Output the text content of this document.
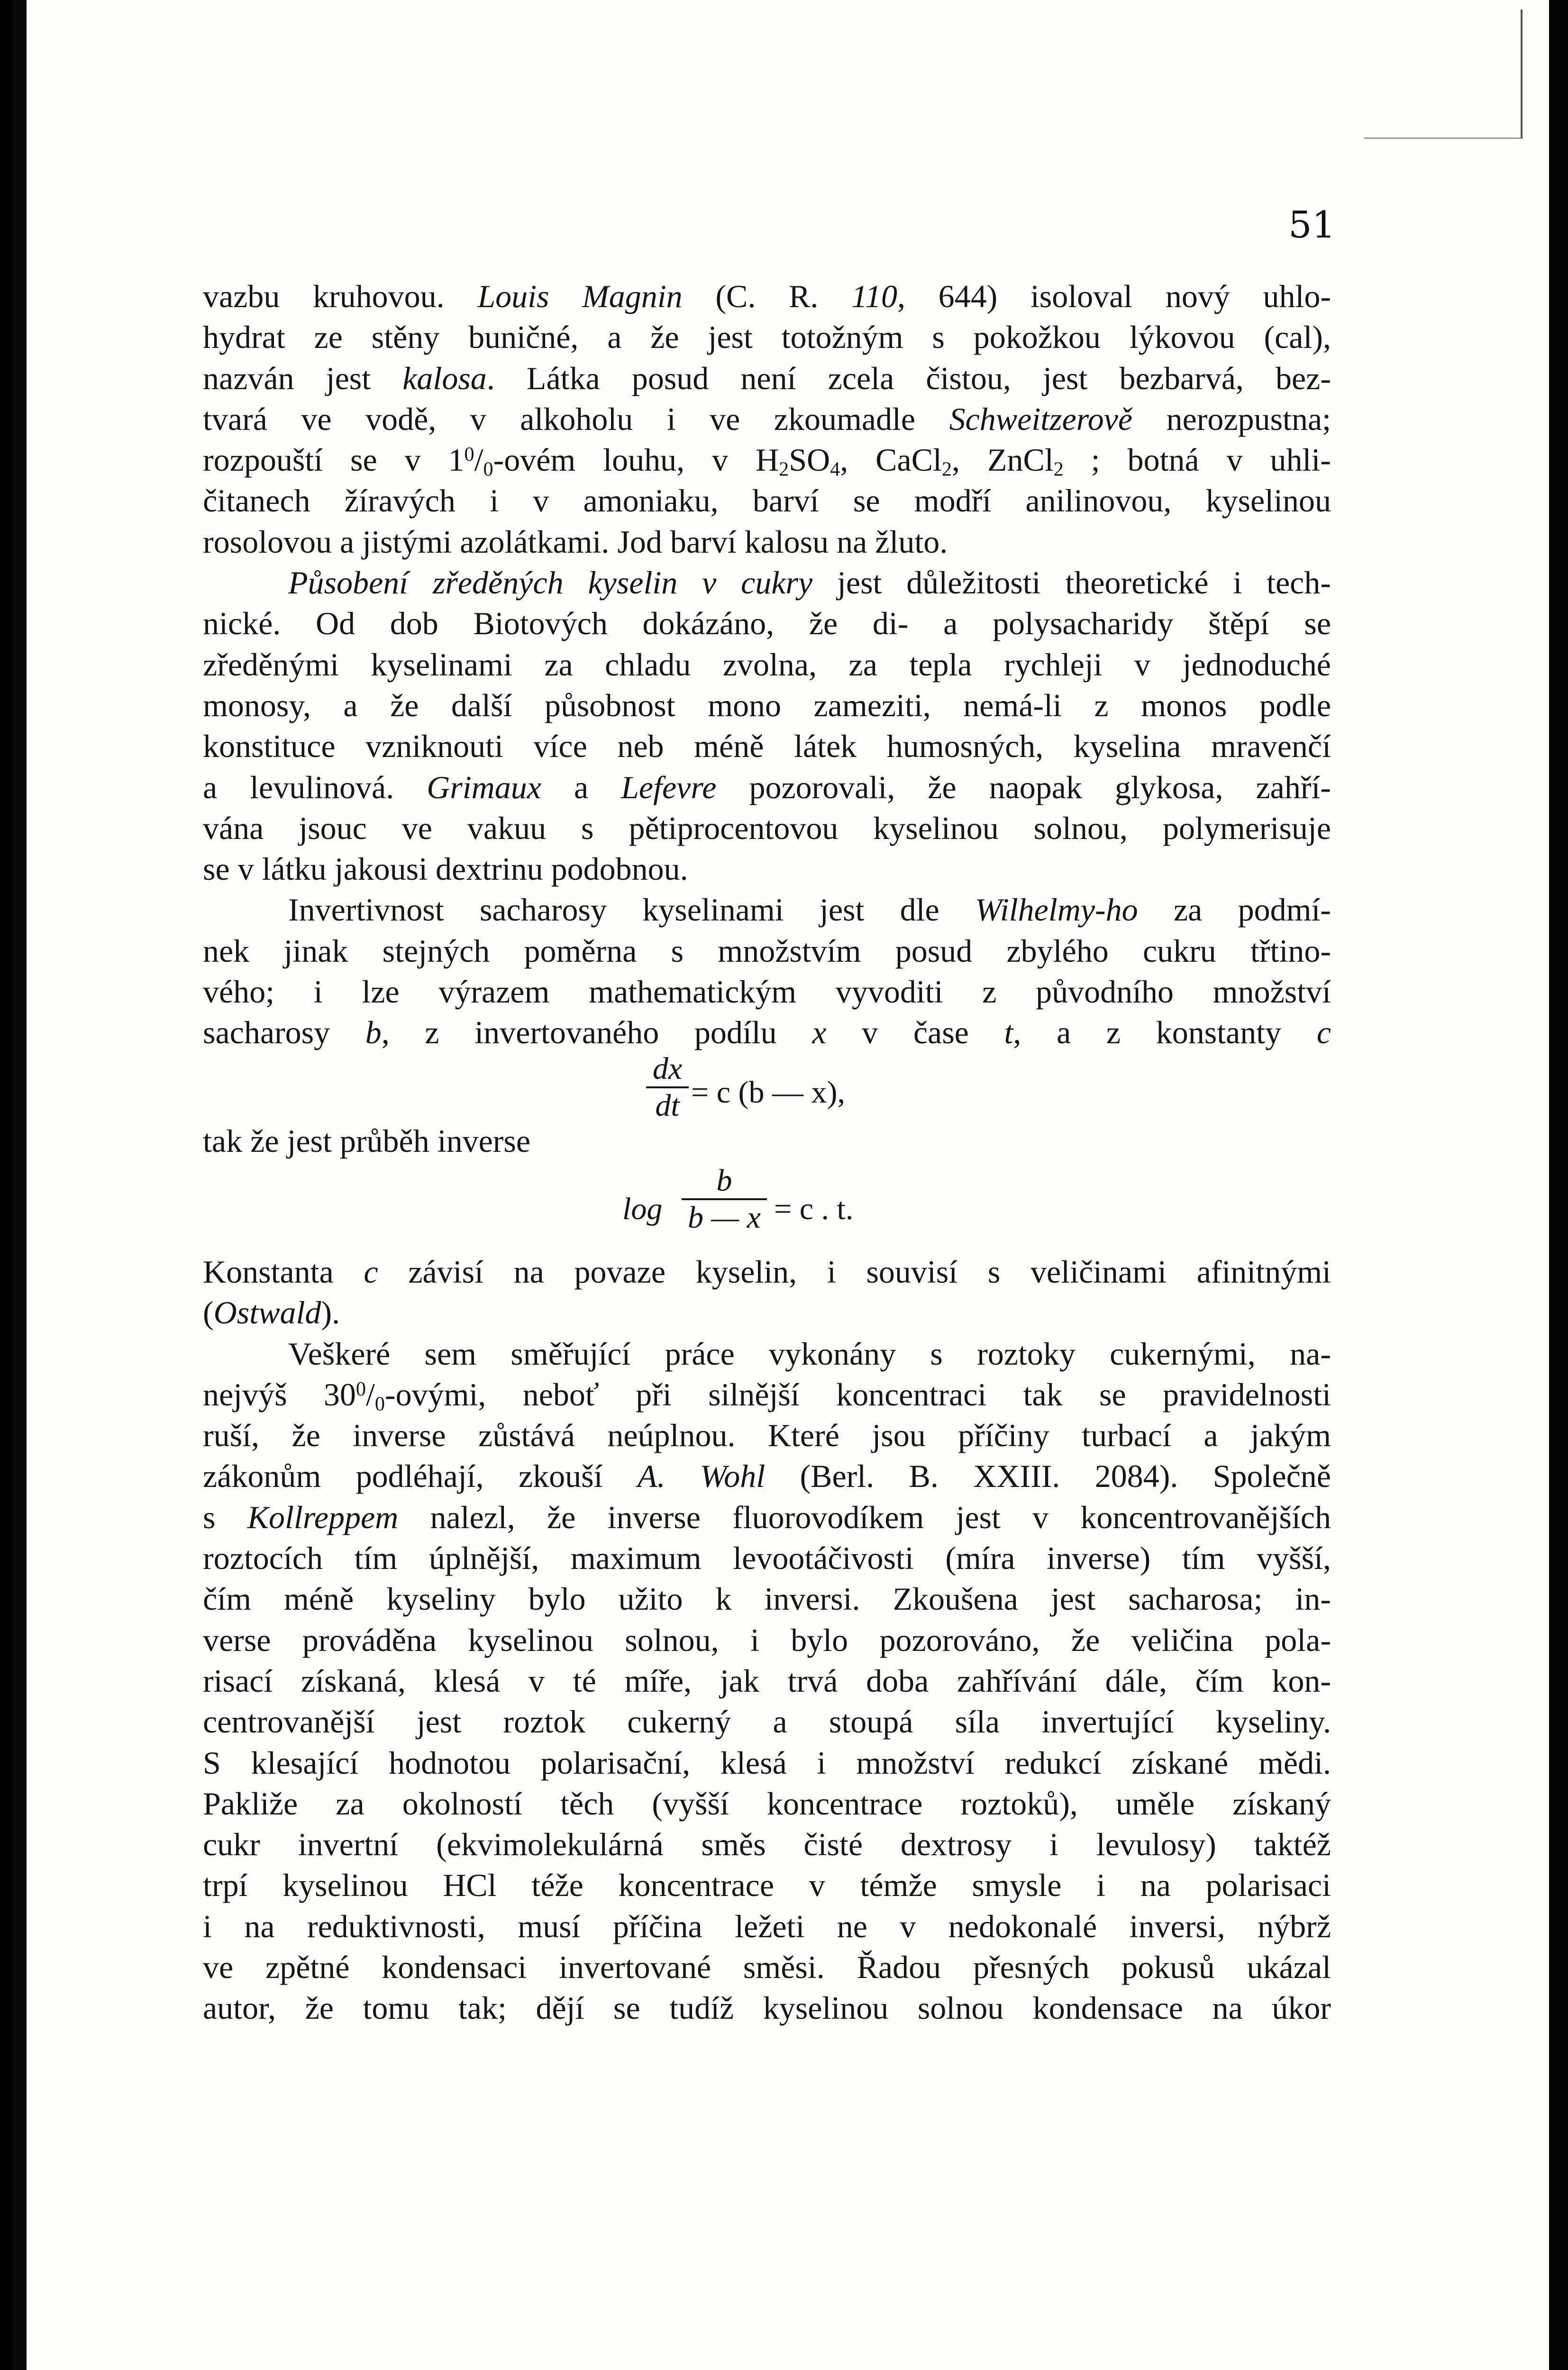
51

vazbu kruhovou. Louis Magnin (C. R. 110, 644) isoloval nový uhlo-

hydrat ze stěny buničné, a že jest totožným s pokožkou lýkovou (cal),

nazván jest kalosa. Látka posud není zcela čistou, jest bezbarvá, bez-

tvará ve vodě, v alkoholu i ve zkoumadle Schweitzerově nerozpustna;

rozpouští se v $1^0/_0$-ovém louhu, v $H_2SO_4$, CaCl$_2$, ZnCl$_2$ ; botná v uhli-

čitanech žíravých i v amoniaku, barví se modří anilinovou, kyselinou

rosolovou a jistými azolátkami. Jod barví kalosu na žluto.

Působení zředěných kyselin v cukry jest důležitosti theoretické i tech-

nické. Od dob Biotových dokázáno, že di- a polysacharidy štěpí se

zředěnými kyselinami za chladu zvolna, za tepla rychleji v jednoduché

monosy, a že další působnost mono zameziti, nemá-li z monos podle

konstituce vzniknouti více neb méně látek humosných, kyselina mravenčí

a levulinová. Grimaux a Lefevre pozorovali, že naopak glykosa, zahří-

vána jsouc ve vakuu s pětiprocentovou kyselinou solnou, polymerisuje

se v látku jakousi dextrinu podobnou.

Invertivnost sacharosy kyselinami jest dle Wilhelmy-ho za podmí-

nek jinak stejných poměrna s množstvím posud zbylého cukru třtino-

vého; i lze výrazem mathematickým vyvoditi z původního množství

sacharosy b, z invertovaného podílu x v čase t, a z konstanty c

dx
dt = c (b — x),

tak že jest průběh inverse

log
b
b — x = c . t.

Konstanta c závisí na povaze kyselin, i souvisí s veličinami afinitnými

(Ostwald).

Veškeré sem směřující práce vykonány s roztoky cukernými, na-

nejvýš $30^0/_0$-ovými, neboť při silnější koncentraci tak se pravidelnosti

ruší, že inverse zůstává neúplnou. Které jsou příčiny turbací a jakým

zákonům podléhají, zkouší A. Wohl (Berl. B. XXIII. 2084). Společně

s Kollreppem nalezl, že inverse fluorovodíkem jest v koncentrovanějších

roztocích tím úplnější, maximum levootáčivosti (míra inverse) tím vyšší,

čím méně kyseliny bylo užito k inversi. Zkoušena jest sacharosa; in-

verse prováděna kyselinou solnou, i bylo pozorováno, že veličina pola-

risací získaná, klesá v té míře, jak trvá doba zahřívání dále, čím kon-

centrovanější jest roztok cukerný a stoupá síla invertující kyseliny.

S klesající hodnotou polarisační, klesá i množství redukcí získané mědi.

Pakliže za okolností těch (vyšší koncentrace roztoků), uměle získaný

cukr invertní (ekvimolekulárná směs čisté dextrosy i levulosy) taktéž

trpí kyselinou HCl téže koncentrace v témže smysle i na polarisaci

i na reduktivnosti, musí příčina ležeti ne v nedokonalé inversi, nýbrž

ve zpětné kondensaci invertované směsi. Řadou přesných pokusů ukázal

autor, že tomu tak; dějí se tudíž kyselinou solnou kondensace na úkor
